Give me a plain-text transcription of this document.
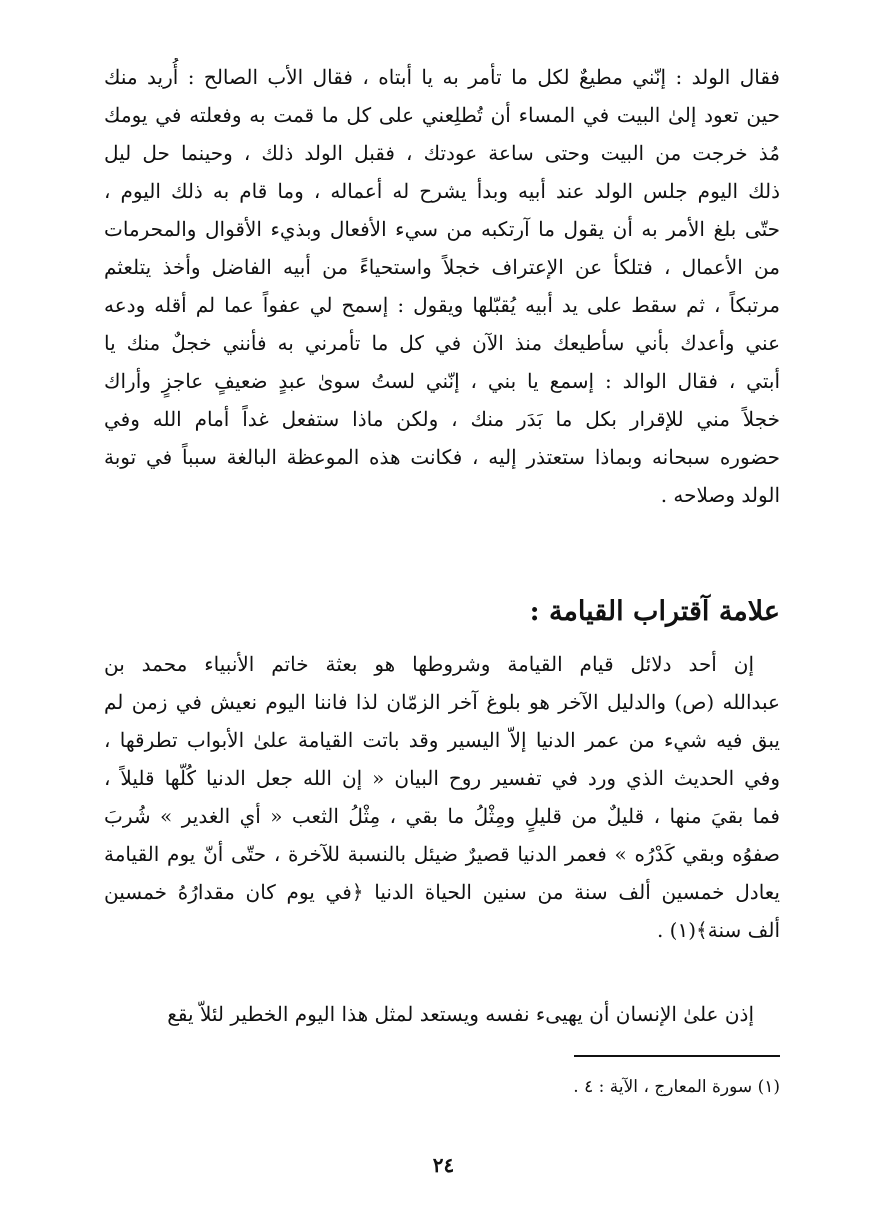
فقال الولد : إنّني مطيعٌ لكل ما تأمر به يا أبتاه ، فقال الأب الصالح : أُريد منك
حين تعود إلىٰ البيت في المساء أن تُطلِعني على كل ما قمت به وفعلته في يومك
مُذ خرجت من البيت وحتى ساعة عودتك ، فقبل الولد ذلك ، وحينما حل ليل
ذلك اليوم جلس الولد عند أبيه وبدأ يشرح له أعماله ، وما قام به ذلك اليوم ،
حتّى بلغ الأمر به أن يقول ما آرتكبه من سيء الأفعال وبذيء الأقوال والمحرمات
من الأعمال ، فتلكأ عن الإعتراف خجلاً واستحياءً من أبيه الفاضل وأخذ يتلعثم
مرتبكاً ، ثم سقط على يد أبيه يُقبّلها ويقول : إسمح لي عفواً عما لم أقله ودعه
عني وأعدك بأني سأطيعك منذ الآن في كل ما تأمرني به فأنني خجلٌ منك يا
أبتي ، فقال الوالد : إسمع يا بني ، إنّني لستُ سوىٰ عبدٍ ضعيفٍ عاجزٍ وأراك
خجلاً مني للإقرار بكل ما بَدَر منك ، ولكن ماذا ستفعل غداً أمام الله وفي
حضوره سبحانه وبماذا ستعتذر إليه ، فكانت هذه الموعظة البالغة سبباً في توبة
الولد وصلاحه .
علامة آقتراب القيامة :
إن أحد دلائل قيام القيامة وشروطها هو بعثة خاتم الأنبياء محمد بن
عبدالله (ص) والدليل الآخر هو بلوغ آخر الزمّان لذا فاننا اليوم نعيش في زمن لم
يبق فيه شيء من عمر الدنيا إلاّ اليسير وقد باتت القيامة علىٰ الأبواب تطرقها ،
وفي الحديث الذي ورد في تفسير روح البيان « إن الله جعل الدنيا كُلّها قليلاً ،
فما بقيَ منها ، قليلٌ من قليلٍ ومِثْلُ ما بقي ، مِثْلُ الثعب « أي الغدير » شُربَ
صفوُه وبقي كَدْرُه » فعمر الدنيا قصيرٌ ضيئل بالنسبة للآخرة ، حتّى أنّ يوم القيامة
يعادل خمسين ألف سنة من سنين الحياة الدنيا ﴿في يوم كان مقدارُهُ خمسين
ألف سنة﴾(١) .
إذن علىٰ الإنسان أن يهيىء نفسه ويستعد لمثل هذا اليوم الخطير لئلاّ يقع
(١) سورة المعارج ، الآية : ٤ .
٢٤
